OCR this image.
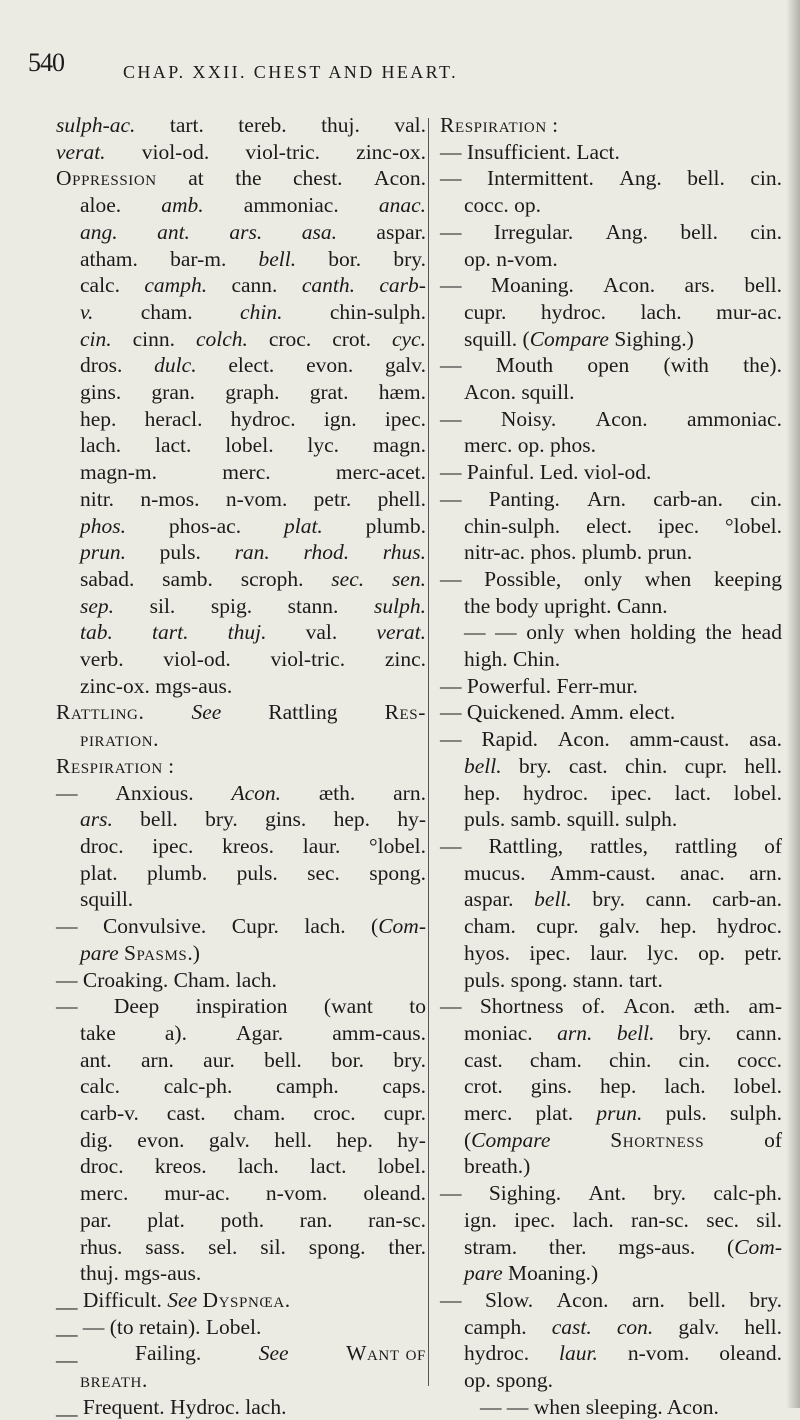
540	CHAP. XXII. CHEST AND HEART.
sulph-ac. tart. tereb. thuj. val.
verat. viol-od. viol-tric. zinc-ox.
Oppression at the chest. Acon.
aloe. amb. ammoniac. anac.
ang. ant. ars. asa. aspar.
atham. bar-m. bell. bor. bry.
calc. camph. cann. canth. carb-
v. cham. chin. chin-sulph.
cin. cinn. colch. croc. crot. cyc.
dros. dulc. elect. evon. galv.
gins. gran. graph. grat. hæm.
hep. heracl. hydroc. ign. ipec.
lach. lact. lobel. lyc. magn.
magn-m.	merc.	merc-acet.
nitr. n-mos. n-vom. petr. phell.
phos. phos-ac. plat. plumb.
prun. puls. ran. rhod. rhus.
sabad. samb. scroph. sec. sen.
sep. sil. spig. stann. sulph.
tab. tart. thuj. val. verat.
verb. viol-od. viol-tric. zinc.
zinc-ox. mgs-aus.
Rattling. See Rattling Res-
piration.
Respiration :
— Anxious. Acon. æth. arn.
ars. bell. bry. gins. hep. hy-
droc. ipec. kreos. laur. °lobel.
plat. plumb. puls. sec. spong.
squill.
— Convulsive. Cupr. lach. (Com-
pare Spasms.)
— Croaking. Cham. lach.
— Deep inspiration (want to
take a). Agar. amm-caus.
ant. arn. aur. bell. bor. bry.
calc. calc-ph. camph. caps.
carb-v. cast. cham. croc. cupr.
dig. evon. galv. hell. hep. hy-
droc. kreos. lach. lact. lobel.
merc. mur-ac. n-vom. oleand.
par. plat. poth. ran. ran-sc.
rhus. sass. sel. sil. spong. ther.
thuj. mgs-aus.
__ Difficult. See Dyspnœa.
__ — (to retain). Lobel.
__	Failing.	See	Want of
breath.
__ Frequent. Hydroc. lach.
Respiration :
— Insufficient. Lact.
— Intermittent. Ang. bell. cin.
cocc. op.
— Irregular. Ang. bell. cin.
op. n-vom.
— Moaning. Acon. ars. bell.
cupr. hydroc. lach. mur-ac.
squill. (Compare Sighing.)
— Mouth open (with the).
Acon. squill.
— Noisy. Acon. ammoniac.
merc. op. phos.
— Painful. Led. viol-od.
— Panting. Arn. carb-an. cin.
chin-sulph. elect. ipec. °lobel.
nitr-ac. phos. plumb. prun.
— Possible, only when keeping
the body upright. Cann.
— — only when holding the head
high. Chin.
— Powerful. Ferr-mur.
— Quickened. Amm. elect.
— Rapid. Acon. amm-caust. asa.
bell. bry. cast. chin. cupr. hell.
hep. hydroc. ipec. lact. lobel.
puls. samb. squill. sulph.
— Rattling, rattles, rattling of
mucus. Amm-caust. anac. arn.
aspar. bell. bry. cann. carb-an.
cham. cupr. galv. hep. hydroc.
hyos. ipec. laur. lyc. op. petr.
puls. spong. stann. tart.
— Shortness of. Acon. æth. am-
moniac. arn. bell. bry. cann.
cast. cham. chin. cin. cocc.
crot. gins. hep. lach. lobel.
merc. plat. prun. puls. sulph.
(Compare	Shortness	of
breath.)
— Sighing. Ant. bry. calc-ph.
ign. ipec. lach. ran-sc. sec. sil.
stram. ther. mgs-aus. (Com-
pare Moaning.)
— Slow. Acon. arn. bell. bry.
camph. cast. con. galv. hell.
hydroc. laur. n-vom. oleand.
op. spong.
— — when sleeping. Acon.
